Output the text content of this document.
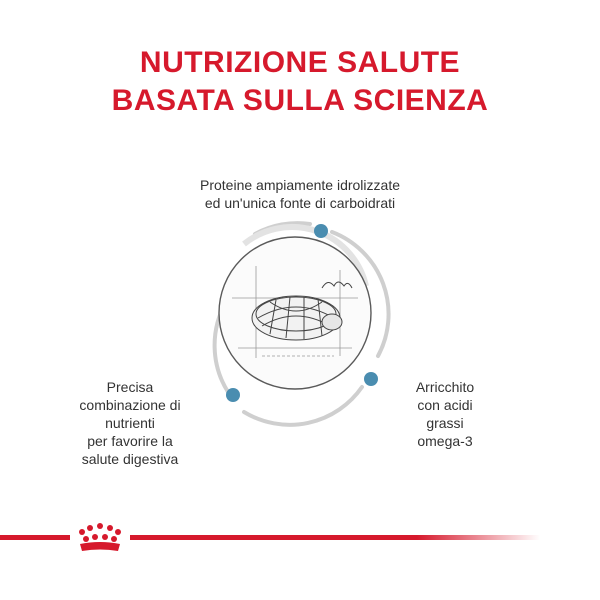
NUTRIZIONE SALUTE
BASATA SULLA SCIENZA
Proteine ampiamente idrolizzate
ed un'unica fonte di carboidrati
Precisa
combinazione di
nutrienti
per favorire la
salute digestiva
Arricchito
con acidi
grassi
omega-3
